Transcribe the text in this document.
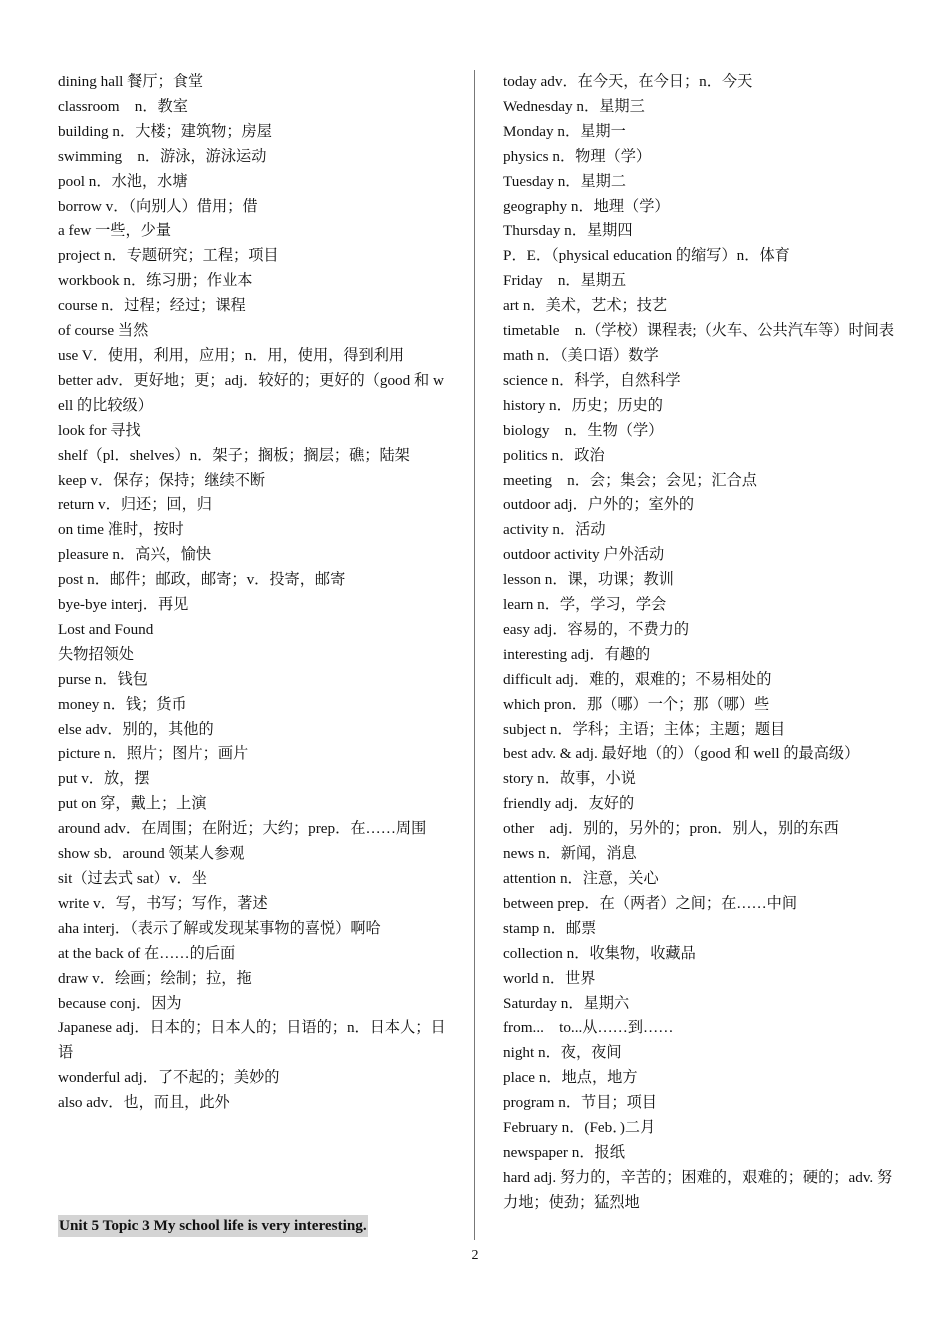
dining hall 餐厅；食堂

classroom　n．教室

building n．大楼；建筑物；房屋

swimming　n．游泳，游泳运动

pool n．水池，水塘

borrow v．（向别人）借用；借

a few 一些，少量

project n．专题研究；工程；项目

workbook n．练习册；作业本

course n．过程；经过；课程

of course 当然

use V．使用，利用，应用；n．用，使用，得到利用

better adv．更好地；更；adj．较好的；更好的（good 和 well 的比较级）

look for 寻找

shelf（pl．shelves）n．架子；搁板；搁层；礁；陆架

keep v．保存；保持；继续不断

return v．归还；回，归

on time 准时，按时

pleasure n．高兴，愉快

post n．邮件；邮政，邮寄；v．投寄，邮寄

bye-bye interj．再见

Lost and Found

失物招领处

purse n．钱包

money n．钱；货币

else adv．别的，其他的

picture n．照片；图片；画片

put v．放，摆

put on 穿，戴上；上演

around adv．在周围；在附近；大约；prep．在……周围

show sb．around 领某人参观

sit（过去式 sat）v．坐

write v．写，书写；写作，著述

aha interj．（表示了解或发现某事物的喜悦）啊哈

at the back of 在……的后面

draw v．绘画；绘制；拉，拖

because conj．因为

Japanese adj．日本的；日本人的；日语的；n．日本人；日语

wonderful adj．了不起的；美妙的

also adv．也，而且，此外

today adv．在今天，在今日；n．今天

Wednesday n．星期三

Monday n．星期一

physics n．物理（学）

Tuesday n．星期二

geography n．地理（学）

Thursday n．星期四

P．E．（physical education 的缩写）n．体育

Friday　n．星期五

art n．美术，艺术；技艺

timetable　n.（学校）课程表;（火车、公共汽车等）时间表

math n．（美口语）数学

science n．科学，自然科学

history n．历史；历史的

biology　n．生物（学）

politics n．政治

meeting　n．会；集会；会见；汇合点

outdoor adj．户外的；室外的

activity n．活动

outdoor activity 户外活动

lesson n．课，功课；教训

learn n．学，学习，学会

easy adj．容易的，不费力的

interesting adj．有趣的

difficult adj．难的，艰难的；不易相处的

which pron．那（哪）一个；那（哪）些

subject n．学科；主语；主体；主题；题目

best adv. & adj. 最好地（的）（good 和 well 的最高级）

story n．故事，小说

friendly adj．友好的

other　adj．别的，另外的；pron．别人，别的东西

news n．新闻，消息

attention n．注意，关心

between prep．在（两者）之间；在……中间

stamp n．邮票

collection n．收集物，收藏品

world n．世界

Saturday n．星期六

from...　to...从……到……

night n．夜，夜间

place n．地点，地方

program n．节目；项目

February n．(Feb．)二月

newspaper n．报纸

hard adj. 努力的，辛苦的；困难的，艰难的；硬的；adv. 努力地；使劲；猛烈地

Unit 5 Topic 3 My school life is very interesting.
2
